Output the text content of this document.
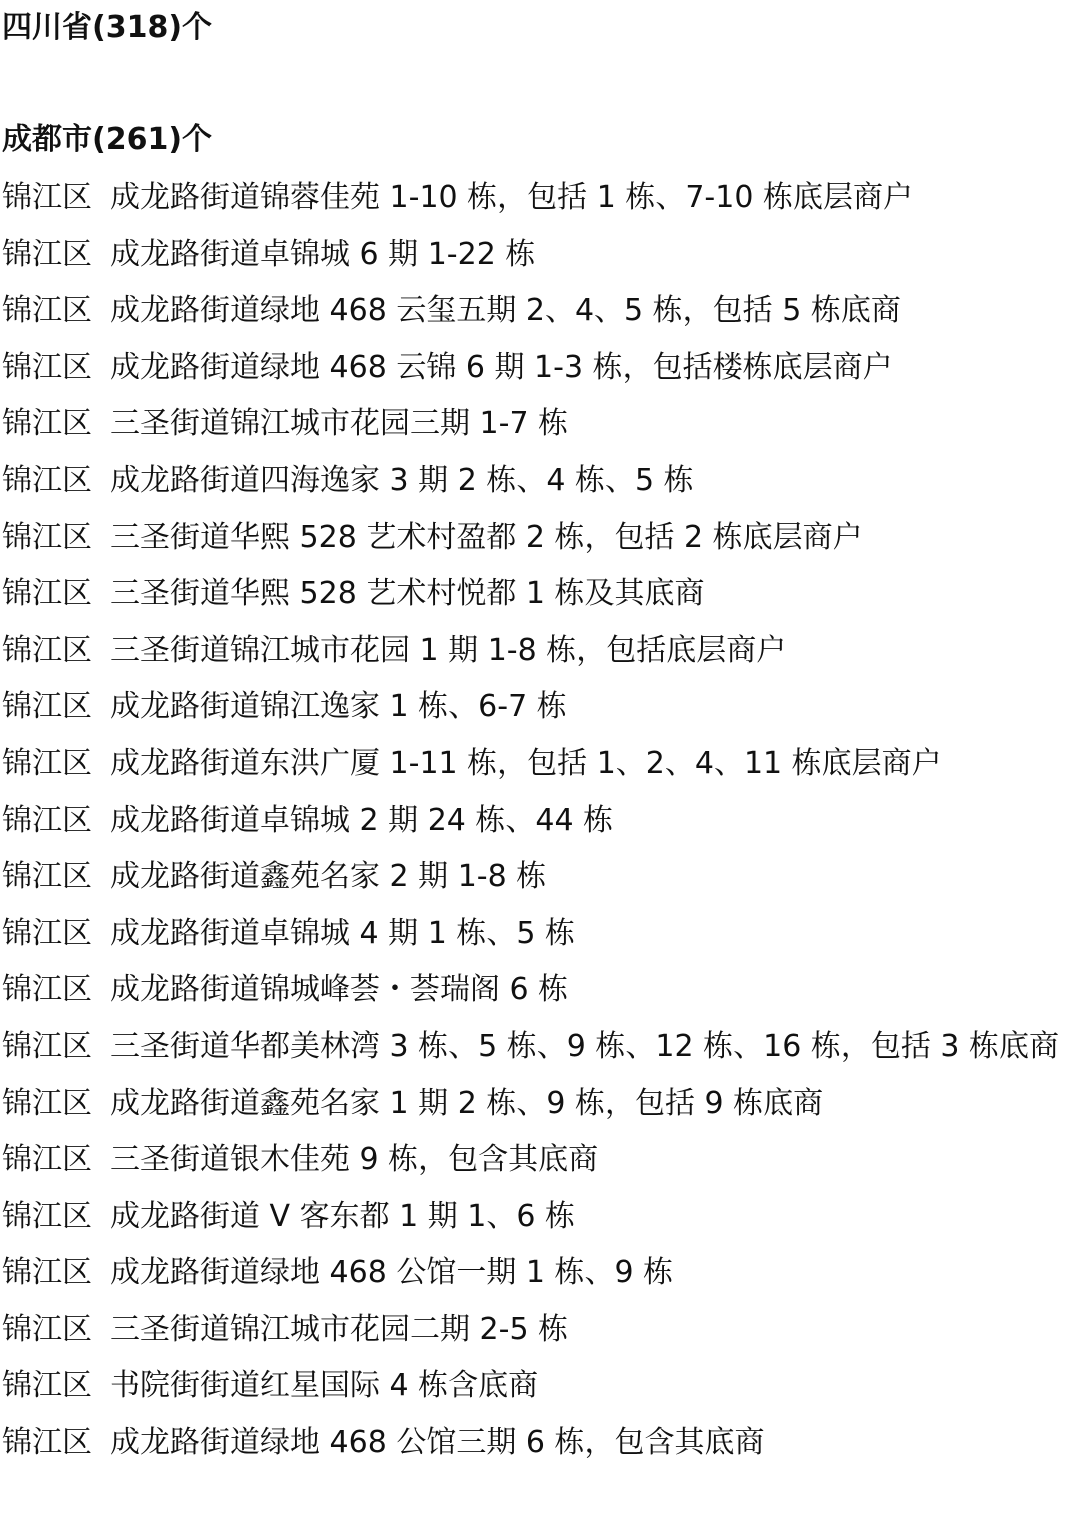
四川省(318)个
成都市(261)个
锦江区 成龙路街道锦蓉佳苑 1-10 栋，包括 1 栋、7-10 栋底层商户
锦江区 成龙路街道卓锦城 6 期 1-22 栋
锦江区 成龙路街道绿地 468 云玺五期 2、4、5 栋，包括 5 栋底商
锦江区 成龙路街道绿地 468 云锦 6 期 1-3 栋，包括楼栋底层商户
锦江区 三圣街道锦江城市花园三期 1-7 栋
锦江区 成龙路街道四海逸家 3 期 2 栋、4 栋、5 栋
锦江区 三圣街道华熙 528 艺术村盈都 2 栋，包括 2 栋底层商户
锦江区 三圣街道华熙 528 艺术村悦都 1 栋及其底商
锦江区 三圣街道锦江城市花园 1 期 1-8 栋，包括底层商户
锦江区 成龙路街道锦江逸家 1 栋、6-7 栋
锦江区 成龙路街道东洪广厦 1-11 栋，包括 1、2、4、11 栋底层商户
锦江区 成龙路街道卓锦城 2 期 24 栋、44 栋
锦江区 成龙路街道鑫苑名家 2 期 1-8 栋
锦江区 成龙路街道卓锦城 4 期 1 栋、5 栋
锦江区 成龙路街道锦城峰荟・荟瑞阁 6 栋
锦江区 三圣街道华都美林湾 3 栋、5 栋、9 栋、12 栋、16 栋，包括 3 栋底商
锦江区 成龙路街道鑫苑名家 1 期 2 栋、9 栋，包括 9 栋底商
锦江区 三圣街道银木佳苑 9 栋，包含其底商
锦江区 成龙路街道 V 客东都 1 期 1、6 栋
锦江区 成龙路街道绿地 468 公馆一期 1 栋、9 栋
锦江区 三圣街道锦江城市花园二期 2-5 栋
锦江区 书院街街道红星国际 4 栋含底商
锦江区 成龙路街道绿地 468 公馆三期 6 栋，包含其底商
